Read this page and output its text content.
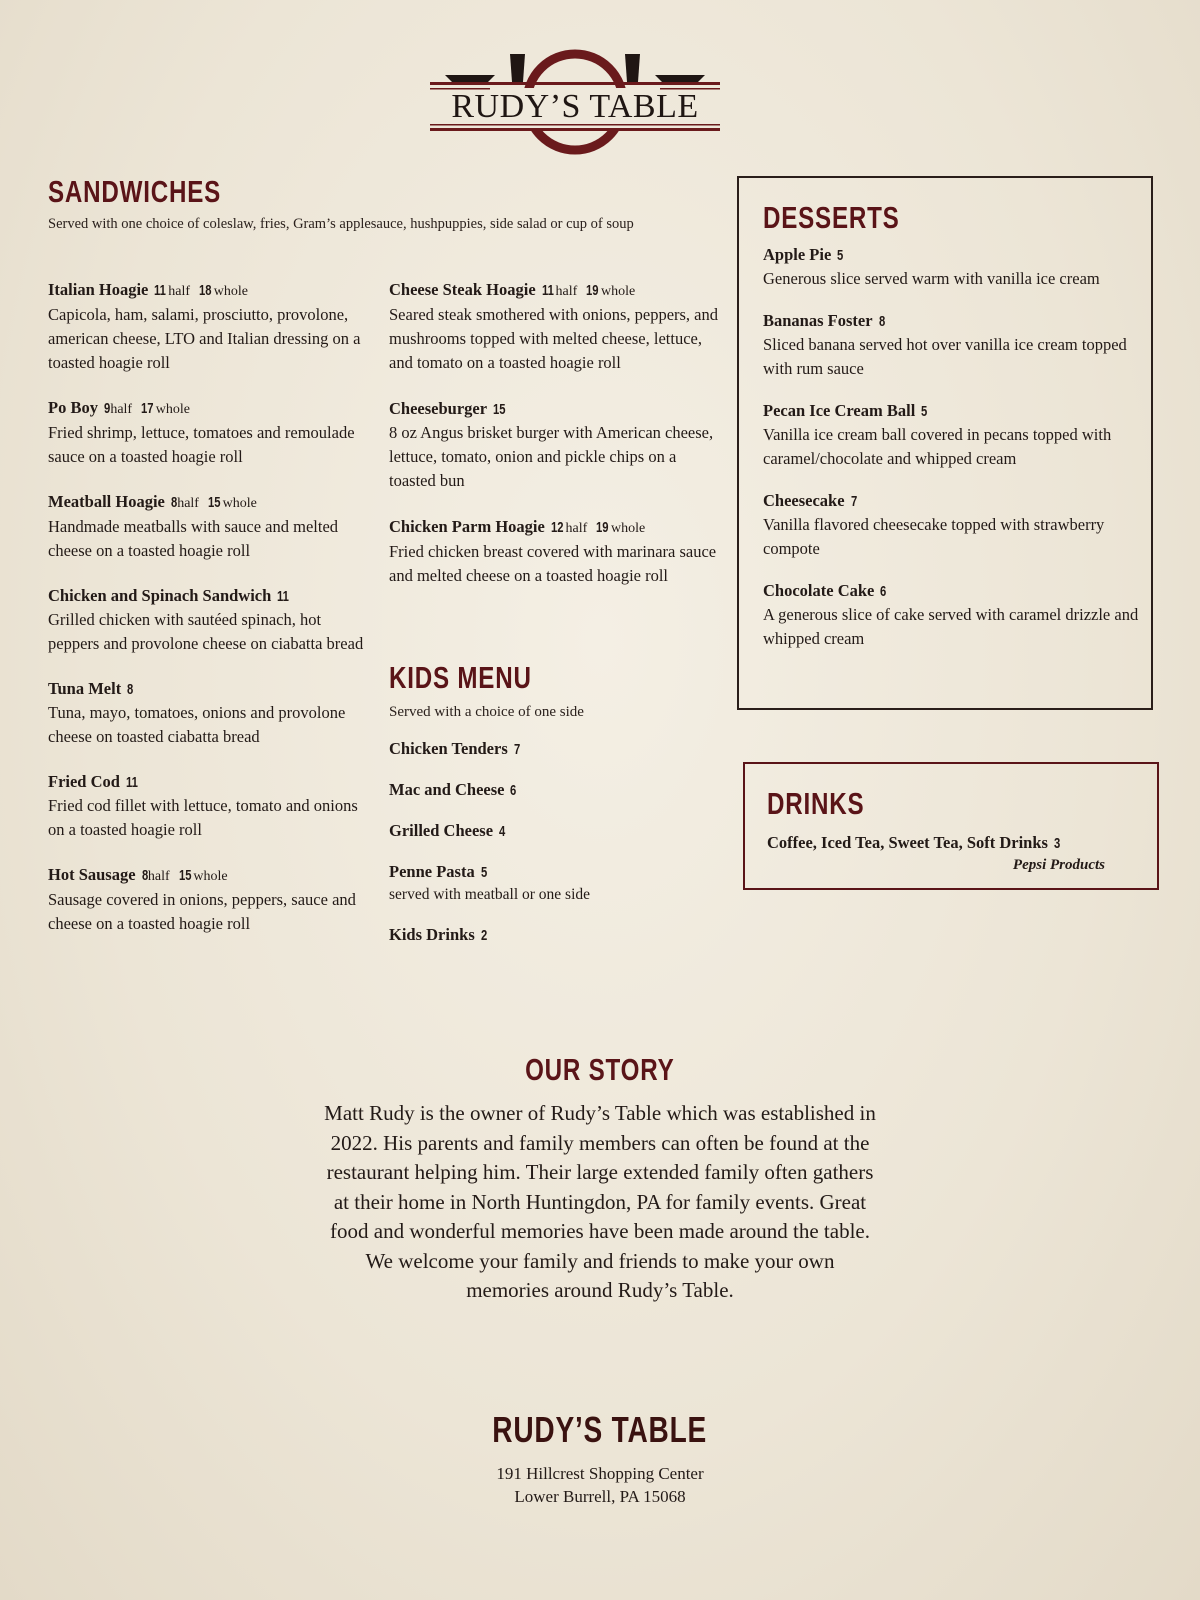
RUDY’S TABLE
SANDWICHES
Served with one choice of coleslaw, fries, Gram’s applesauce, hushpuppies, side salad or cup of soup
Italian Hoagie 11 half 18 whole
Capicola, ham, salami, prosciutto, provolone, american cheese, LTO and Italian dressing on a toasted hoagie roll
Po Boy 9half 17 whole
Fried shrimp, lettuce, tomatoes and remoulade sauce on a toasted hoagie roll
Meatball Hoagie 8half 15 whole
Handmade meatballs with sauce and melted cheese on a toasted hoagie roll
Chicken and Spinach Sandwich 11
Grilled chicken with sautéed spinach, hot peppers and provolone cheese on ciabatta bread
Tuna Melt 8
Tuna, mayo, tomatoes, onions and provolone cheese on toasted ciabatta bread
Fried Cod 11
Fried cod fillet with lettuce, tomato and onions on a toasted hoagie roll
Hot Sausage 8half 15 whole
Sausage covered in onions, peppers, sauce and cheese on a toasted hoagie roll
Cheese Steak Hoagie 11 half 19 whole
Seared steak smothered with onions, peppers, and mushrooms topped with melted cheese, lettuce, and tomato on a toasted hoagie roll
Cheeseburger 15
8 oz Angus brisket burger with American cheese, lettuce, tomato, onion and pickle chips on a toasted bun
Chicken Parm Hoagie 12 half 19 whole
Fried chicken breast covered with marinara sauce and melted cheese on a toasted hoagie roll
KIDS MENU
Served with a choice of one side
Chicken Tenders 7
Mac and Cheese 6
Grilled Cheese 4
Penne Pasta 5
served with meatball or one side
Kids Drinks 2
DESSERTS
Apple Pie 5
Generous slice served warm with vanilla ice cream
Bananas Foster 8
Sliced banana served hot over vanilla ice cream topped with rum sauce
Pecan Ice Cream Ball 5
Vanilla ice cream ball covered in pecans topped with caramel/chocolate and whipped cream
Cheesecake 7
Vanilla flavored cheesecake topped with strawberry compote
Chocolate Cake 6
A generous slice of cake served with caramel drizzle and whipped cream
DRINKS
Coffee, Iced Tea, Sweet Tea, Soft Drinks 3
Pepsi Products
OUR STORY
Matt Rudy is the owner of Rudy’s Table which was established in
2022. His parents and family members can often be found at the
restaurant helping him. Their large extended family often gathers
at their home in North Huntingdon, PA for family events. Great
food and wonderful memories have been made around the table.
We welcome your family and friends to make your own
memories around Rudy’s Table.
RUDY’S TABLE
191 Hillcrest Shopping Center
Lower Burrell, PA 15068
